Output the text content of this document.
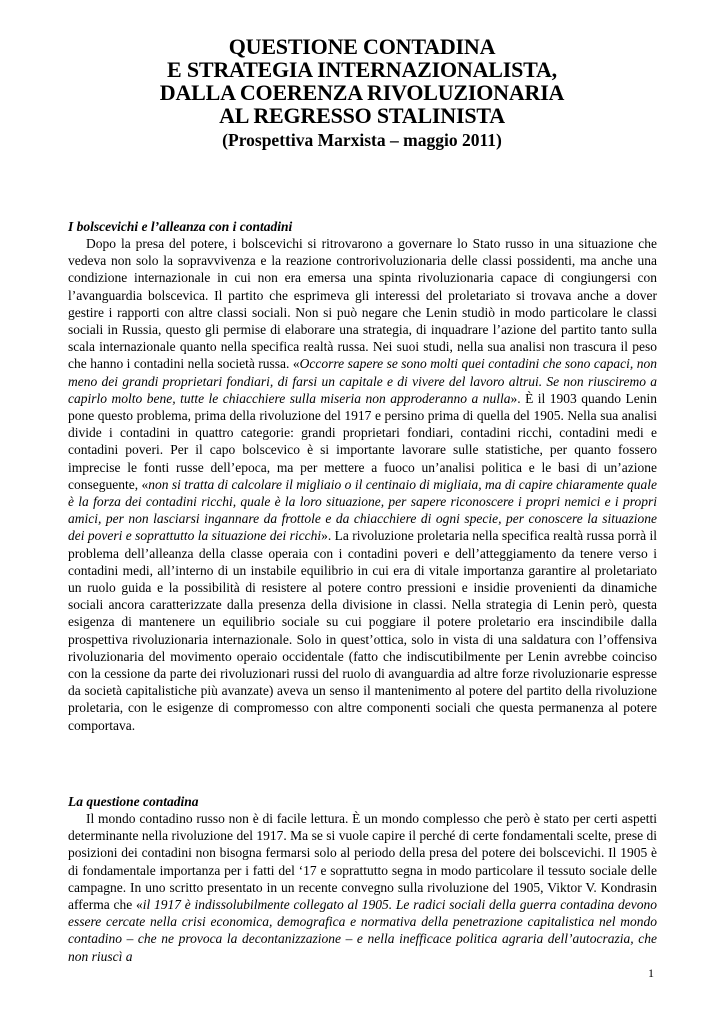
QUESTIONE CONTADINA
E STRATEGIA INTERNAZIONALISTA,
DALLA COERENZA RIVOLUZIONARIA
AL REGRESSO STALINISTA
(Prospettiva Marxista – maggio 2011)
I bolscevichi e l’alleanza con i contadini

Dopo la presa del potere, i bolscevichi si ritrovarono a governare lo Stato russo in una situazione che vedeva non solo la sopravvivenza e la reazione controrivoluzionaria delle classi possidenti, ma anche una condizione internazionale in cui non era emersa una spinta rivoluzionaria capace di congiungersi con l’avanguardia bolscevica. Il partito che esprimeva gli interessi del proletariato si trovava anche a dover gestire i rapporti con altre classi sociali. Non si può negare che Lenin studiò in modo particolare le classi sociali in Russia, questo gli permise di elaborare una strategia, di inquadrare l’azione del partito tanto sulla scala internazionale quanto nella specifica realtà russa. Nei suoi studi, nella sua analisi non trascura il peso che hanno i contadini nella società russa. «Occorre sapere se sono molti quei contadini che sono capaci, non meno dei grandi proprietari fondiari, di farsi un capitale e di vivere del lavoro altrui. Se non riusciremo a capirlo molto bene, tutte le chiacchiere sulla miseria non approderanno a nulla». È il 1903 quando Lenin pone questo problema, prima della rivoluzione del 1917 e persino prima di quella del 1905. Nella sua analisi divide i contadini in quattro categorie: grandi proprietari fondiari, contadini ricchi, contadini medi e contadini poveri. Per il capo bolscevico è si importante lavorare sulle statistiche, per quanto fossero imprecise le fonti russe dell’epoca, ma per mettere a fuoco un’analisi politica e le basi di un’azione conseguente, «non si tratta di calcolare il migliaio o il centinaio di migliaia, ma di capire chiaramente quale è la forza dei contadini ricchi, quale è la loro situazione, per sapere riconoscere i propri nemici e i propri amici, per non lasciarsi ingannare da frottole e da chiacchiere di ogni specie, per conoscere la situazione dei poveri e soprattutto la situazione dei ricchi». La rivoluzione proletaria nella specifica realtà russa porrà il problema dell’alleanza della classe operaia con i contadini poveri e dell’atteggiamento da tenere verso i contadini medi, all’interno di un instabile equilibrio in cui era di vitale importanza garantire al proletariato un ruolo guida e la possibilità di resistere al potere contro pressioni e insidie provenienti da dinamiche sociali ancora caratterizzate dalla presenza della divisione in classi. Nella strategia di Lenin però, questa esigenza di mantenere un equilibrio sociale su cui poggiare il potere proletario era inscindibile dalla prospettiva rivoluzionaria internazionale. Solo in quest’ottica, solo in vista di una saldatura con l’offensiva rivoluzionaria del movimento operaio occidentale (fatto che indiscutibilmente per Lenin avrebbe coinciso con la cessione da parte dei rivoluzionari russi del ruolo di avanguardia ad altre forze rivoluzionarie espresse da società capitalistiche più avanzate) aveva un senso il mantenimento al potere del partito della rivoluzione proletaria, con le esigenze di compromesso con altre componenti sociali che questa permanenza al potere comportava.

La questione contadina

Il mondo contadino russo non è di facile lettura. È un mondo complesso che però è stato per certi aspetti determinante nella rivoluzione del 1917. Ma se si vuole capire il perché di certe fondamentali scelte, prese di posizioni dei contadini non bisogna fermarsi solo al periodo della presa del potere dei bolscevichi. Il 1905 è di fondamentale importanza per i fatti del ‘17 e soprattutto segna in modo particolare il tessuto sociale delle campagne. In uno scritto presentato in un recente convegno sulla rivoluzione del 1905, Viktor V. Kondrasin afferma che «il 1917 è indissolubilmente collegato al 1905. Le radici sociali della guerra contadina devono essere cercate nella crisi economica, demografica e normativa della penetrazione capitalistica nel mondo contadino – che ne provoca la decontanizzazione – e nella inefficace politica agraria dell’autocrazia, che non riuscì a

1
